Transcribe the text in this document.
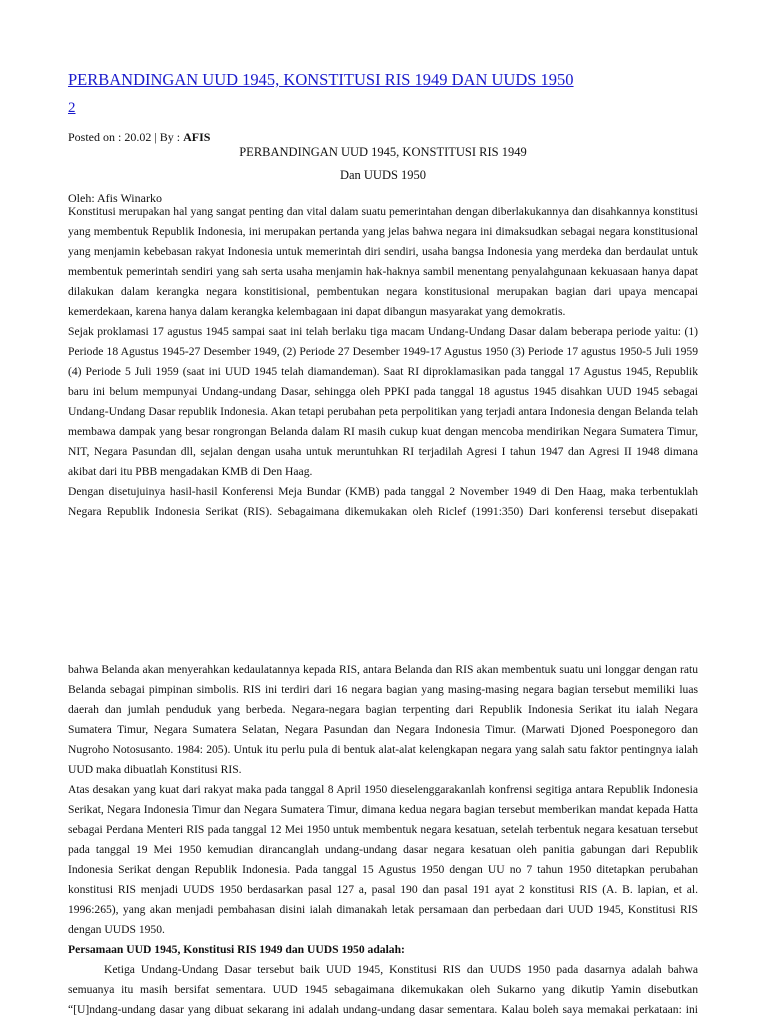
PERBANDINGAN UUD 1945, KONSTITUSI RIS 1949 DAN UUDS 1950
2
Posted on : 20.02 | By : AFIS
PERBANDINGAN UUD 1945, KONSTITUSI RIS 1949
Dan UUDS 1950
Oleh: Afis Winarko

Konstitusi merupakan hal yang sangat penting dan vital dalam suatu pemerintahan dengan diberlakukannya dan disahkannya konstitusi yang membentuk Republik Indonesia, ini merupakan pertanda yang jelas bahwa negara ini dimaksudkan sebagai negara konstitusional yang menjamin kebebasan rakyat Indonesia untuk memerintah diri sendiri, usaha bangsa Indonesia yang merdeka dan berdaulat untuk membentuk pemerintah sendiri yang sah serta usaha menjamin hak-haknya sambil menentang penyalahgunaan kekuasaan hanya dapat dilakukan dalam kerangka negara konstitisional, pembentukan negara konstitusional merupakan bagian dari upaya mencapai kemerdekaan, karena hanya dalam kerangka kelembagaan ini dapat dibangun masyarakat yang demokratis.

Sejak proklamasi 17 agustus 1945 sampai saat ini telah berlaku tiga macam Undang-Undang Dasar dalam beberapa periode yaitu: (1) Periode 18 Agustus 1945-27 Desember 1949, (2) Periode 27 Desember 1949-17 Agustus 1950 (3) Periode 17 agustus 1950-5 Juli 1959 (4) Periode 5 Juli 1959 (saat ini UUD 1945 telah diamandeman). Saat RI diproklamasikan pada tanggal 17 Agustus 1945, Republik baru ini belum mempunyai Undang-undang Dasar, sehingga oleh PPKI pada tanggal 18 agustus 1945 disahkan UUD 1945 sebagai Undang-Undang Dasar republik Indonesia. Akan tetapi perubahan peta perpolitikan yang terjadi antara Indonesia dengan Belanda telah membawa dampak yang besar rongrongan Belanda dalam RI masih cukup kuat dengan mencoba mendirikan Negara Sumatera Timur, NIT, Negara Pasundan dll, sejalan dengan usaha untuk meruntuhkan RI terjadilah Agresi I tahun 1947 dan Agresi II 1948 dimana akibat dari itu PBB mengadakan KMB di Den Haag.

Dengan disetujuinya hasil-hasil Konferensi Meja Bundar (KMB) pada tanggal 2 November 1949 di Den Haag, maka terbentuklah Negara Republik Indonesia Serikat (RIS). Sebagaimana dikemukakan oleh Riclef (1991:350) Dari konferensi tersebut disepakati

bahwa Belanda akan menyerahkan kedaulatannya kepada RIS, antara Belanda dan RIS akan membentuk suatu uni longgar dengan ratu Belanda sebagai pimpinan simbolis. RIS ini terdiri dari 16 negara bagian yang masing-masing negara bagian tersebut memiliki luas daerah dan jumlah penduduk yang berbeda. Negara-negara bagian terpenting dari Republik Indonesia Serikat itu ialah Negara Sumatera Timur, Negara Sumatera Selatan, Negara Pasundan dan Negara Indonesia Timur. (Marwati Djoned Poesponegoro dan Nugroho Notosusanto. 1984: 205). Untuk itu perlu pula di bentuk alat-alat kelengkapan negara yang salah satu faktor pentingnya ialah UUD maka dibuatlah Konstitusi RIS.

Atas desakan yang kuat dari rakyat maka pada tanggal 8 April 1950 dieselenggarakanlah konfrensi segitiga antara Republik Indonesia Serikat, Negara Indonesia Timur dan Negara Sumatera Timur, dimana kedua negara bagian tersebut memberikan mandat kepada Hatta sebagai Perdana Menteri RIS pada tanggal 12 Mei 1950 untuk membentuk negara kesatuan, setelah terbentuk negara kesatuan tersebut pada tanggal 19 Mei 1950 kemudian dirancanglah undang-undang dasar negara kesatuan oleh panitia gabungan dari Republik Indonesia Serikat dengan Republik Indonesia. Pada tanggal 15 Agustus 1950 dengan UU no 7 tahun 1950 ditetapkan perubahan konstitusi RIS menjadi UUDS 1950 berdasarkan pasal 127 a, pasal 190 dan pasal 191 ayat 2 konstitusi RIS (A. B. lapian, et al. 1996:265), yang akan menjadi pembahasan disini ialah dimanakah letak persamaan dan perbedaan dari UUD 1945, Konstitusi RIS dengan UUDS 1950.

Persamaan UUD 1945, Konstitusi RIS 1949 dan UUDS 1950 adalah:

Ketiga Undang-Undang Dasar tersebut baik UUD 1945, Konstitusi RIS dan UUDS 1950 pada dasarnya adalah bahwa semuanya itu masih bersifat sementara. UUD 1945 sebagaimana dikemukakan oleh Sukarno yang dikutip Yamin disebutkan “[U]ndang-undang dasar yang dibuat sekarang ini adalah undang-undang dasar sementara. Kalau boleh saya memakai perkataan: ini
